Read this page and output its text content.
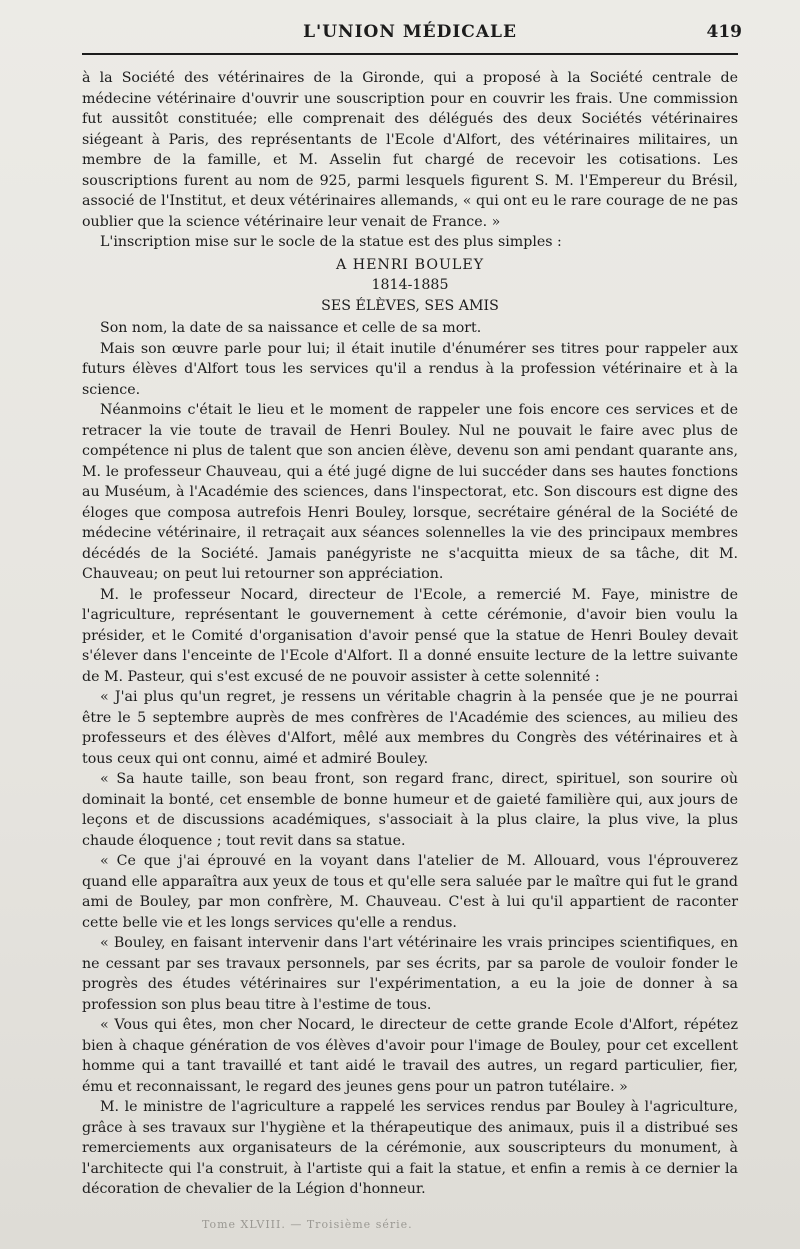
L'UNION MÉDICALE	419

à la Société des vétérinaires de la Gironde, qui a proposé à la Société centrale de médecine vétérinaire d'ouvrir une souscription pour en couvrir les frais. Une commission fut aussitôt constituée; elle comprenait des délégués des deux Sociétés vétérinaires siégeant à Paris, des représentants de l'Ecole d'Alfort, des vétérinaires militaires, un membre de la famille, et M. Asselin fut chargé de recevoir les cotisations. Les souscriptions furent au nom de 925, parmi lesquels figurent S. M. l'Empereur du Brésil, associé de l'Institut, et deux vétérinaires allemands, « qui ont eu le rare courage de ne pas oublier que la science vétérinaire leur venait de France. »

L'inscription mise sur le socle de la statue est des plus simples :

A HENRI BOULEY
1814-1885
SES ÉLÈVES, SES AMIS

Son nom, la date de sa naissance et celle de sa mort.

Mais son œuvre parle pour lui; il était inutile d'énumérer ses titres pour rappeler aux futurs élèves d'Alfort tous les services qu'il a rendus à la profession vétérinaire et à la science.

Néanmoins c'était le lieu et le moment de rappeler une fois encore ces services et de retracer la vie toute de travail de Henri Bouley. Nul ne pouvait le faire avec plus de compétence ni plus de talent que son ancien élève, devenu son ami pendant quarante ans, M. le professeur Chauveau, qui a été jugé digne de lui succéder dans ses hautes fonctions au Muséum, à l'Académie des sciences, dans l'inspectorat, etc. Son discours est digne des éloges que composa autrefois Henri Bouley, lorsque, secrétaire général de la Société de médecine vétérinaire, il retraçait aux séances solennelles la vie des principaux membres décédés de la Société. Jamais panégyriste ne s'acquitta mieux de sa tâche, dit M. Chauveau; on peut lui retourner son appréciation.

M. le professeur Nocard, directeur de l'Ecole, a remercié M. Faye, ministre de l'agriculture, représentant le gouvernement à cette cérémonie, d'avoir bien voulu la présider, et le Comité d'organisation d'avoir pensé que la statue de Henri Bouley devait s'élever dans l'enceinte de l'Ecole d'Alfort. Il a donné ensuite lecture de la lettre suivante de M. Pasteur, qui s'est excusé de ne pouvoir assister à cette solennité :

« J'ai plus qu'un regret, je ressens un véritable chagrin à la pensée que je ne pourrai être le 5 septembre auprès de mes confrères de l'Académie des sciences, au milieu des professeurs et des élèves d'Alfort, mêlé aux membres du Congrès des vétérinaires et à tous ceux qui ont connu, aimé et admiré Bouley.

« Sa haute taille, son beau front, son regard franc, direct, spirituel, son sourire où dominait la bonté, cet ensemble de bonne humeur et de gaieté familière qui, aux jours de leçons et de discussions académiques, s'associait à la plus claire, la plus vive, la plus chaude éloquence ; tout revit dans sa statue.

« Ce que j'ai éprouvé en la voyant dans l'atelier de M. Allouard, vous l'éprouverez quand elle apparaîtra aux yeux de tous et qu'elle sera saluée par le maître qui fut le grand ami de Bouley, par mon confrère, M. Chauveau. C'est à lui qu'il appartient de raconter cette belle vie et les longs services qu'elle a rendus.

« Bouley, en faisant intervenir dans l'art vétérinaire les vrais principes scientifiques, en ne cessant par ses travaux personnels, par ses écrits, par sa parole de vouloir fonder le progrès des études vétérinaires sur l'expérimentation, a eu la joie de donner à sa profession son plus beau titre à l'estime de tous.

« Vous qui êtes, mon cher Nocard, le directeur de cette grande Ecole d'Alfort, répétez bien à chaque génération de vos élèves d'avoir pour l'image de Bouley, pour cet excellent homme qui a tant travaillé et tant aidé le travail des autres, un regard particulier, fier, ému et reconnaissant, le regard des jeunes gens pour un patron tutélaire. »

M. le ministre de l'agriculture a rappelé les services rendus par Bouley à l'agriculture, grâce à ses travaux sur l'hygiène et la thérapeutique des animaux, puis il a distribué ses remerciements aux organisateurs de la cérémonie, aux souscripteurs du monument, à l'architecte qui l'a construit, à l'artiste qui a fait la statue, et enfin a remis à ce dernier la décoration de chevalier de la Légion d'honneur.

Tome XLVIII. — Troisième série.
